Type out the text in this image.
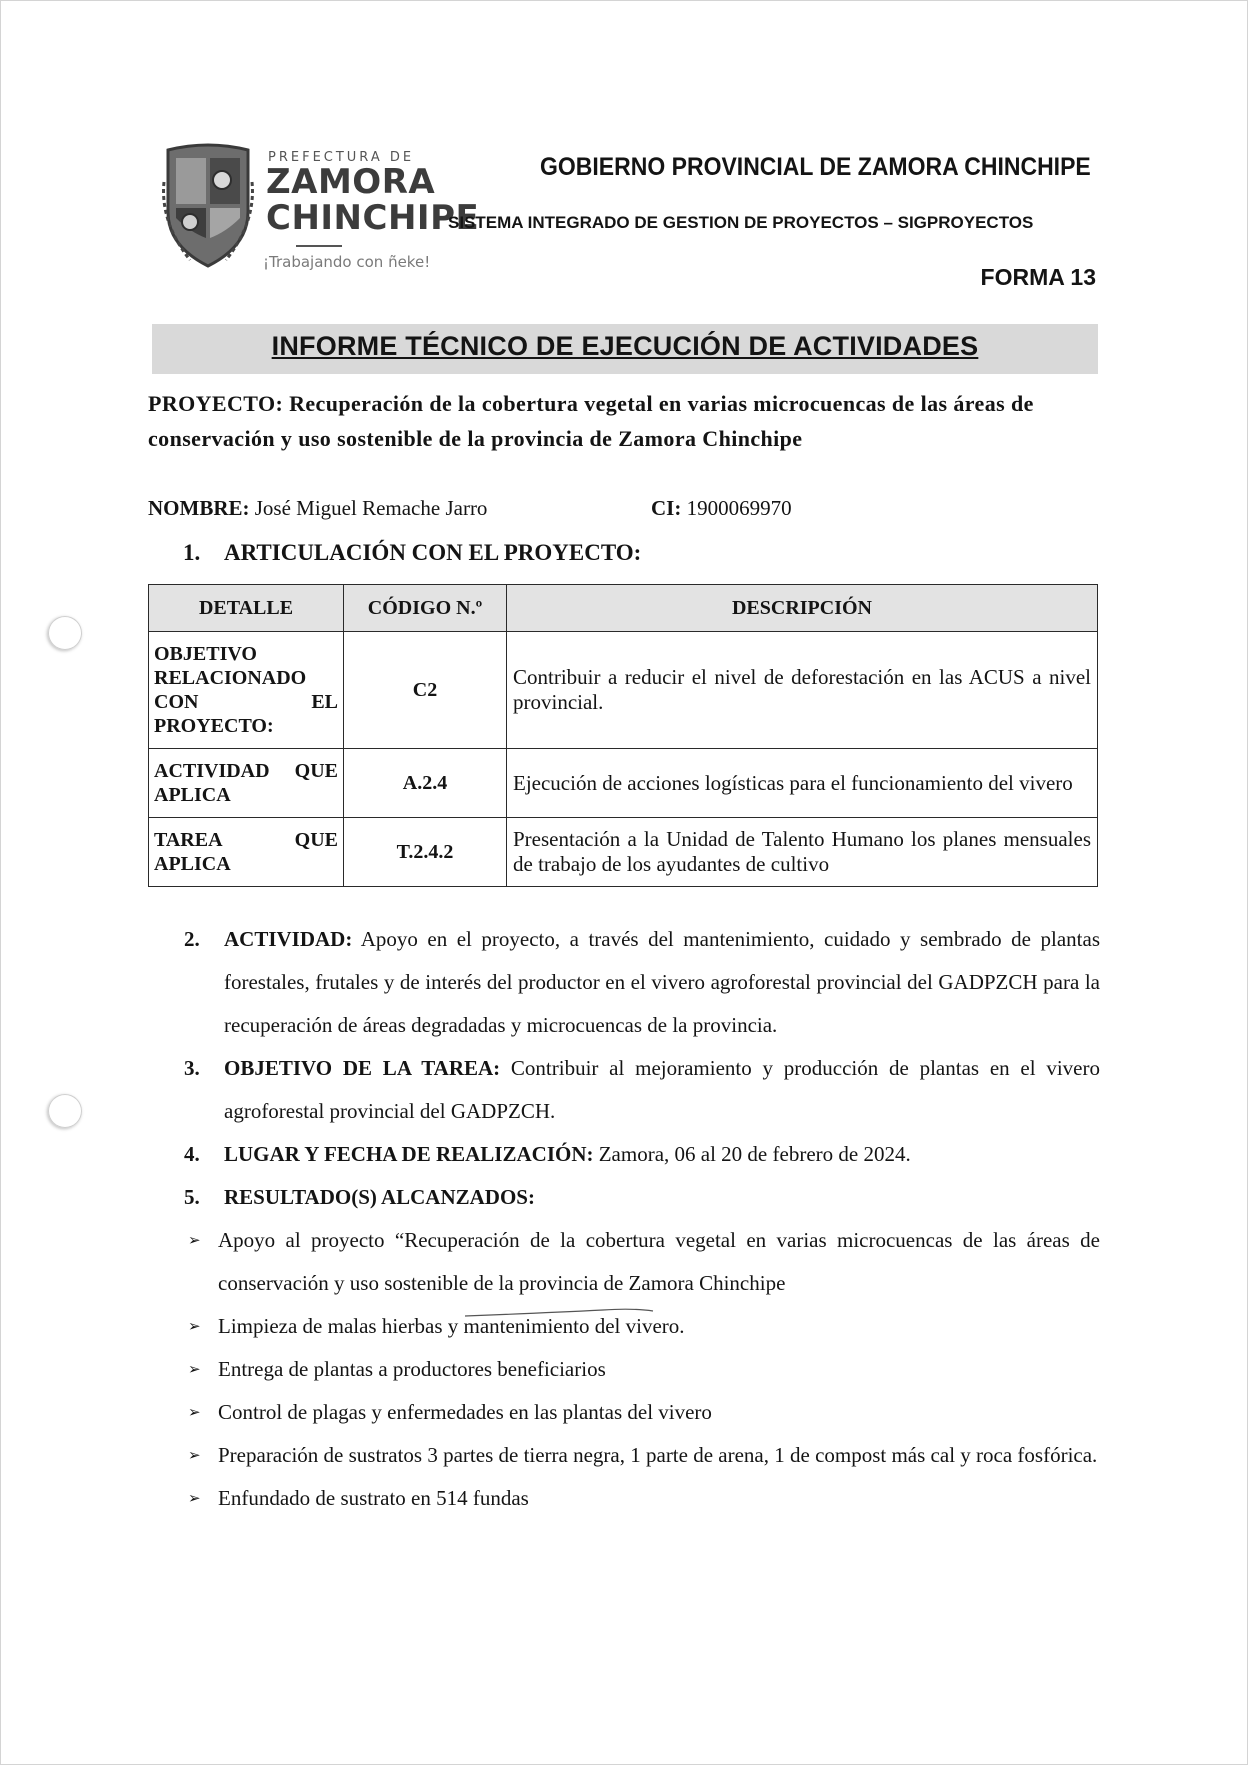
PREFECTURA DE
ZAMORA
CHINCHIPE
¡Trabajando con ñeke!
GOBIERNO PROVINCIAL DE ZAMORA CHINCHIPE
SISTEMA INTEGRADO DE GESTION DE PROYECTOS – SIGPROYECTOS
FORMA 13
INFORME TÉCNICO DE EJECUCIÓN DE ACTIVIDADES
PROYECTO: Recuperación de la cobertura vegetal en varias microcuencas de las áreas de conservación y uso sostenible de la provincia de Zamora Chinchipe
NOMBRE: José Miguel Remache Jarro	CI: 1900069970
1. ARTICULACIÓN CON EL PROYECTO:
DETALLE	CÓDIGO N.º	DESCRIPCIÓN
OBJETIVO RELACIONADO CON EL PROYECTO:	C2	Contribuir a reducir el nivel de deforestación en las ACUS a nivel provincial.
ACTIVIDAD QUE APLICA	A.2.4	Ejecución de acciones logísticas para el funcionamiento del vivero
TAREA QUE APLICA	T.2.4.2	Presentación a la Unidad de Talento Humano los planes mensuales de trabajo de los ayudantes de cultivo
2.	ACTIVIDAD: Apoyo en el proyecto, a través del mantenimiento, cuidado y sembrado de plantas forestales, frutales y de interés del productor en el vivero agroforestal provincial del GADPZCH para la recuperación de áreas degradadas y microcuencas de la provincia.
3.	OBJETIVO DE LA TAREA: Contribuir al mejoramiento y producción de plantas en el vivero agroforestal provincial del GADPZCH.
4.	LUGAR Y FECHA DE REALIZACIÓN: Zamora, 06 al 20 de febrero de 2024.
5.	RESULTADO(S) ALCANZADOS:
➢ Apoyo al proyecto “Recuperación de la cobertura vegetal en varias microcuencas de las áreas de conservación y uso sostenible de la provincia de Zamora Chinchipe
➢ Limpieza de malas hierbas y mantenimiento del vivero.
➢ Entrega de plantas a productores beneficiarios
➢ Control de plagas y enfermedades en las plantas del vivero
➢ Preparación de sustratos 3 partes de tierra negra, 1 parte de arena, 1 de compost más cal y roca fosfórica.
➢ Enfundado de sustrato en 514 fundas
